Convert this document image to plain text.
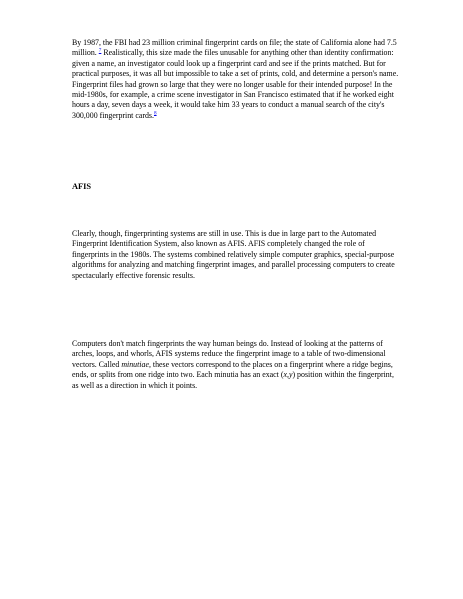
By 1987, the FBI had 23 million criminal fingerprint cards on file; the state of California alone had 7.5 million. $^7$ Realistically, this size made the files unusable for anything other than identity confirmation: given a name, an investigator could look up a fingerprint card and see if the prints matched. But for practical purposes, it was all but impossible to take a set of prints, cold, and determine a person's name. Fingerprint files had grown so large that they were no longer usable for their intended purpose! In the mid-1980s, for example, a crime scene investigator in San Francisco estimated that if he worked eight hours a day, seven days a week, it would take him 33 years to conduct a manual search of the city's 300,000 fingerprint cards.$^8$

AFIS

Clearly, though, fingerprinting systems are still in use. This is due in large part to the Automated Fingerprint Identification System, also known as AFIS. AFIS completely changed the role of fingerprints in the 1980s. The systems combined relatively simple computer graphics, special-purpose algorithms for analyzing and matching fingerprint images, and parallel processing computers to create spectacularly effective forensic results.

Computers don't match fingerprints the way human beings do. Instead of looking at the patterns of arches, loops, and whorls, AFIS systems reduce the fingerprint image to a table of two-dimensional vectors. Called minutiae, these vectors correspond to the places on a fingerprint where a ridge begins, ends, or splits from one ridge into two. Each minutia has an exact (x,y) position within the fingerprint, as well as a direction in which it points.
